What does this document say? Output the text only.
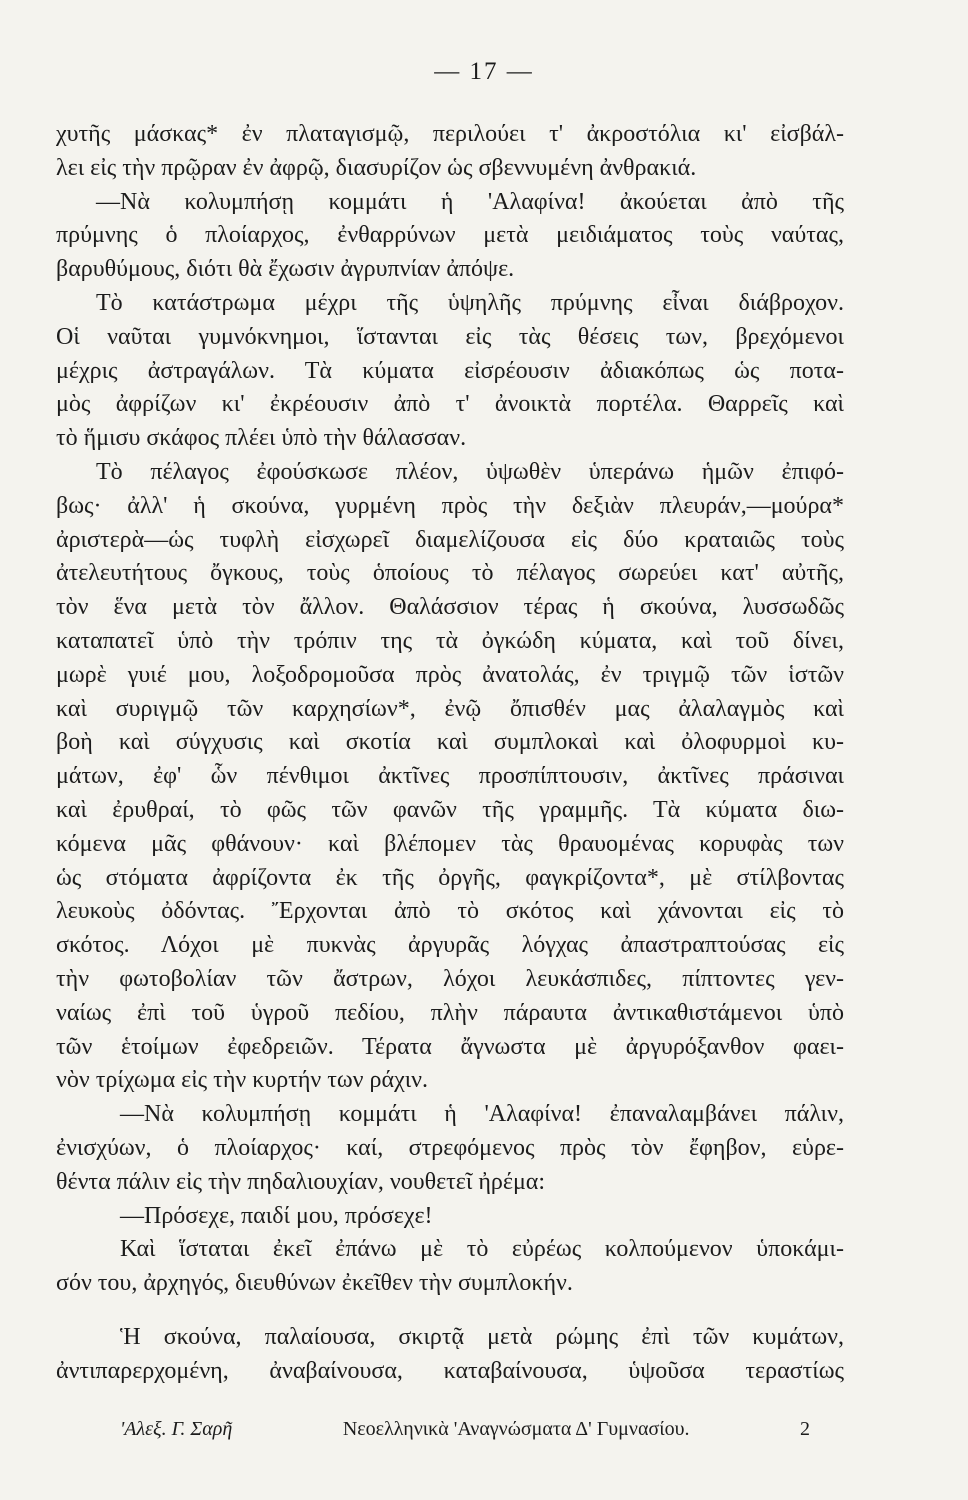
— 17 —
χυτῆς μάσκας* ἐν πλαταγισμῷ, περιλούει τ' ἀκροστόλια κι' εἰσβάλ-
λει εἰς τὴν πρῷραν ἐν ἀφρῷ, διασυρίζον ὡς σβεννυμένη ἀνθρακιά.
—Νὰ κολυμπήσῃ κομμάτι ἡ 'Αλαφίνα! ἀκούεται ἀπὸ τῆς
πρύμνης ὁ πλοίαρχος, ἐνθαρρύνων μετὰ μειδιάματος τοὺς ναύτας,
βαρυθύμους, διότι θὰ ἔχωσιν ἀγρυπνίαν ἀπόψε.
Τὸ κατάστρωμα μέχρι τῆς ὑψηλῆς πρύμνης εἶναι διάβροχον.
Οἱ ναῦται γυμνόκνημοι, ἵστανται εἰς τὰς θέσεις των, βρεχόμενοι
μέχρις ἀστραγάλων. Τὰ κύματα εἰσρέουσιν ἀδιακόπως ὡς ποτα-
μὸς ἀφρίζων κι' ἐκρέουσιν ἀπὸ τ' ἀνοικτὰ πορτέλα. Θαρρεῖς καὶ
τὸ ἥμισυ σκάφος πλέει ὑπὸ τὴν θάλασσαν.
Τὸ πέλαγος ἐφούσκωσε πλέον, ὑψωθὲν ὑπεράνω ἡμῶν ἐπιφό-
βως· ἀλλ' ἡ σκούνα, γυρμένη πρὸς τὴν δεξιὰν πλευράν,—μούρα*
ἀριστερὰ—ὡς τυφλὴ εἰσχωρεῖ διαμελίζουσα εἰς δύο κραταιῶς τοὺς
ἀτελευτήτους ὄγκους, τοὺς ὁποίους τὸ πέλαγος σωρεύει κατ' αὐτῆς,
τὸν ἕνα μετὰ τὸν ἄλλον. Θαλάσσιον τέρας ἡ σκούνα, λυσσωδῶς
καταπατεῖ ὑπὸ τὴν τρόπιν της τὰ ὀγκώδη κύματα, καὶ τοῦ δίνει,
μωρὲ γυιέ μου, λοξοδρομοῦσα πρὸς ἀνατολάς, ἐν τριγμῷ τῶν ἱστῶν
καὶ συριγμῷ τῶν καρχησίων*, ἐνῷ ὄπισθέν μας ἀλαλαγμὸς καὶ
βοὴ καὶ σύγχυσις καὶ σκοτία καὶ συμπλοκαὶ καὶ ὀλοφυρμοὶ κυ-
μάτων, ἐφ' ὧν πένθιμοι ἀκτῖνες προσπίπτουσιν, ἀκτῖνες πράσιναι
καὶ ἐρυθραί, τὸ φῶς τῶν φανῶν τῆς γραμμῆς. Τὰ κύματα διω-
κόμενα μᾶς φθάνουν· καὶ βλέπομεν τὰς θραυομένας κορυφὰς των
ὡς στόματα ἀφρίζοντα ἐκ τῆς ὀργῆς, φαγκρίζοντα*, μὲ στίλβοντας
λευκοὺς ὀδόντας. Ἔρχονται ἀπὸ τὸ σκότος καὶ χάνονται εἰς τὸ
σκότος. Λόχοι μὲ πυκνὰς ἀργυρᾶς λόγχας ἀπαστραπτούσας εἰς
τὴν φωτοβολίαν τῶν ἄστρων, λόχοι λευκάσπιδες, πίπτοντες γεν-
ναίως ἐπὶ τοῦ ὑγροῦ πεδίου, πλὴν πάραυτα ἀντικαθιστάμενοι ὑπὸ
τῶν ἑτοίμων ἐφεδρειῶν. Τέρατα ἄγνωστα μὲ ἀργυρόξανθον φαει-
νὸν τρίχωμα εἰς τὴν κυρτήν των ράχιν.
—Νὰ κολυμπήσῃ κομμάτι ἡ 'Αλαφίνα! ἐπαναλαμβάνει πάλιν,
ἐνισχύων, ὁ πλοίαρχος· καί, στρεφόμενος πρὸς τὸν ἔφηβον, εὑρε-
θέντα πάλιν εἰς τὴν πηδαλιουχίαν, νουθετεῖ ἠρέμα:
—Πρόσεχε, παιδί μου, πρόσεχε!
Καὶ ἵσταται ἐκεῖ ἐπάνω μὲ τὸ εὐρέως κολπούμενον ὑποκάμι-
σόν του, ἀρχηγός, διευθύνων ἐκεῖθεν τὴν συμπλοκήν.
Ἡ σκούνα, παλαίουσα, σκιρτᾷ μετὰ ρώμης ἐπὶ τῶν κυμάτων,
ἀντιπαρερχομένη, ἀναβαίνουσα, καταβαίνουσα, ὑψοῦσα τεραστίως
'Αλεξ. Γ. Σαρῆ	Νεοελληνικὰ 'Αναγνώσματα Δ' Γυμνασίου.	2
